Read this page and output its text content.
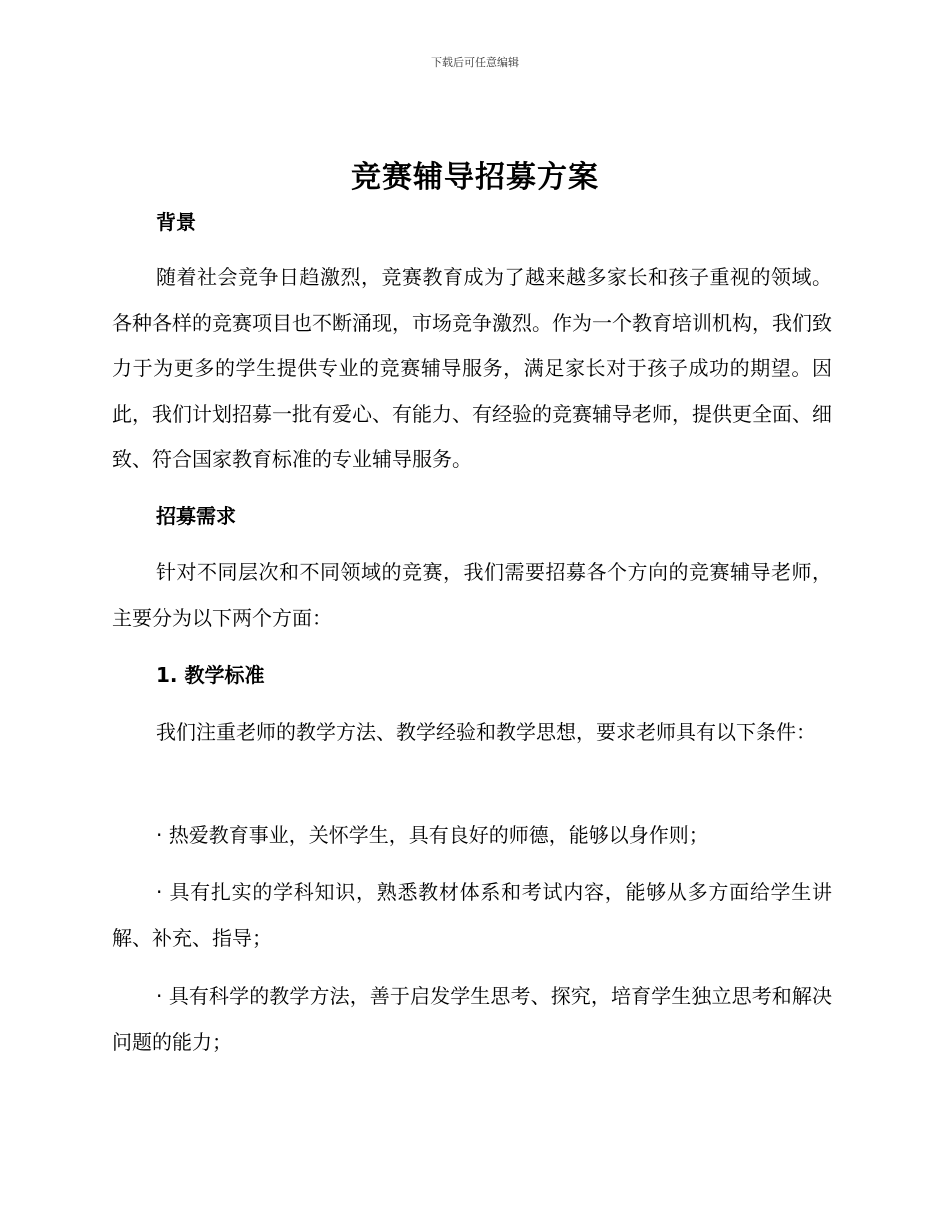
下载后可任意编辑
竞赛辅导招募方案
背景
随着社会竞争日趋激烈，竞赛教育成为了越来越多家长和孩子重视的领域。各种各样的竞赛项目也不断涌现，市场竞争激烈。作为一个教育培训机构，我们致力于为更多的学生提供专业的竞赛辅导服务，满足家长对于孩子成功的期望。因此，我们计划招募一批有爱心、有能力、有经验的竞赛辅导老师，提供更全面、细致、符合国家教育标准的专业辅导服务。
招募需求
针对不同层次和不同领域的竞赛，我们需要招募各个方向的竞赛辅导老师，主要分为以下两个方面：
1. 教学标准
我们注重老师的教学方法、教学经验和教学思想，要求老师具有以下条件：
· 热爱教育事业，关怀学生，具有良好的师德，能够以身作则；
· 具有扎实的学科知识，熟悉教材体系和考试内容，能够从多方面给学生讲解、补充、指导；
· 具有科学的教学方法，善于启发学生思考、探究，培育学生独立思考和解决问题的能力；
